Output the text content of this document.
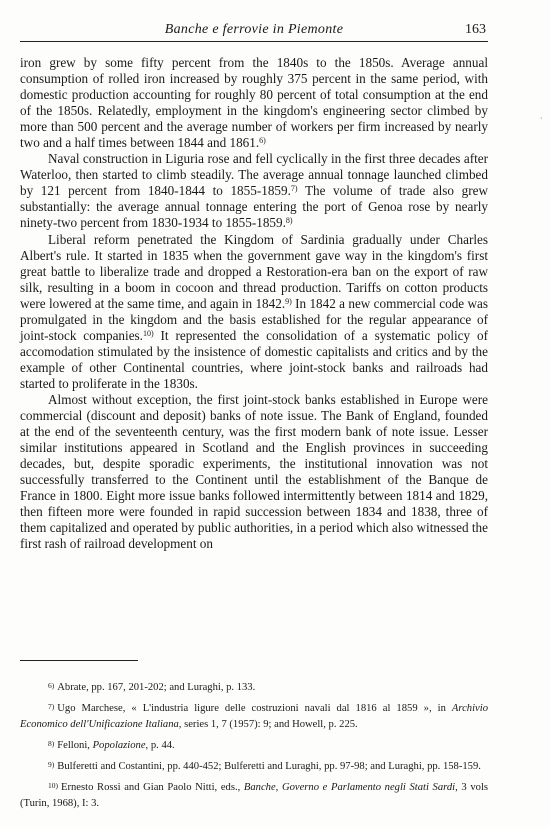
Banche e ferrovie in Piemonte	163

iron grew by some fifty percent from the 1840s to the 1850s. Average annual consumption of rolled iron increased by roughly 375 percent in the same period, with domestic production accounting for roughly 80 percent of total consumption at the end of the 1850s. Relatedly, employment in the kingdom's engineering sector climbed by more than 500 percent and the average number of workers per firm increased by nearly two and a half times between 1844 and 1861.$^{6)}$

Naval construction in Liguria rose and fell cyclically in the first three decades after Waterloo, then started to climb steadily. The average annual tonnage launched climbed by 121 percent from 1840-1844 to 1855-1859.$^{7)}$ The volume of trade also grew substantially: the average annual tonnage entering the port of Genoa rose by nearly ninety-two percent from 1830-1934 to 1855-1859.$^{8)}$

Liberal reform penetrated the Kingdom of Sardinia gradually under Charles Albert's rule. It started in 1835 when the government gave way in the kingdom's first great battle to liberalize trade and dropped a Restoration-era ban on the export of raw silk, resulting in a boom in cocoon and thread production. Tariffs on cotton products were lowered at the same time, and again in 1842.$^{9)}$ In 1842 a new commercial code was promulgated in the kingdom and the basis established for the regular appearance of joint-stock companies.$^{10)}$ It represented the consolidation of a systematic policy of accomodation stimulated by the insistence of domestic capitalists and critics and by the example of other Continental countries, where joint-stock banks and railroads had started to proliferate in the 1830s.

Almost without exception, the first joint-stock banks established in Europe were commercial (discount and deposit) banks of note issue. The Bank of England, founded at the end of the seventeenth century, was the first modern bank of note issue. Lesser similar institutions appeared in Scotland and the English provinces in succeeding decades, but, despite sporadic experiments, the institutional innovation was not successfully transferred to the Continent until the establishment of the Banque de France in 1800. Eight more issue banks followed intermittently between 1814 and 1829, then fifteen more were founded in rapid succession between 1834 and 1838, three of them capitalized and operated by public authorities, in a period which also witnessed the first rash of railroad development on

6) Abrate, pp. 167, 201-202; and Luraghi, p. 133.

7) Ugo Marchese, « L'industria ligure delle costruzioni navali dal 1816 al 1859 », in Archivio Economico dell'Unificazione Italiana, series 1, 7 (1957): 9; and Howell, p. 225.

8) Felloni, Popolazione, p. 44.

9) Bulferetti and Costantini, pp. 440-452; Bulferetti and Luraghi, pp. 97-98; and Luraghi, pp. 158-159.

10) Ernesto Rossi and Gian Paolo Nitti, eds., Banche, Governo e Parlamento negli Stati Sardi, 3 vols (Turin, 1968), I: 3.

·
